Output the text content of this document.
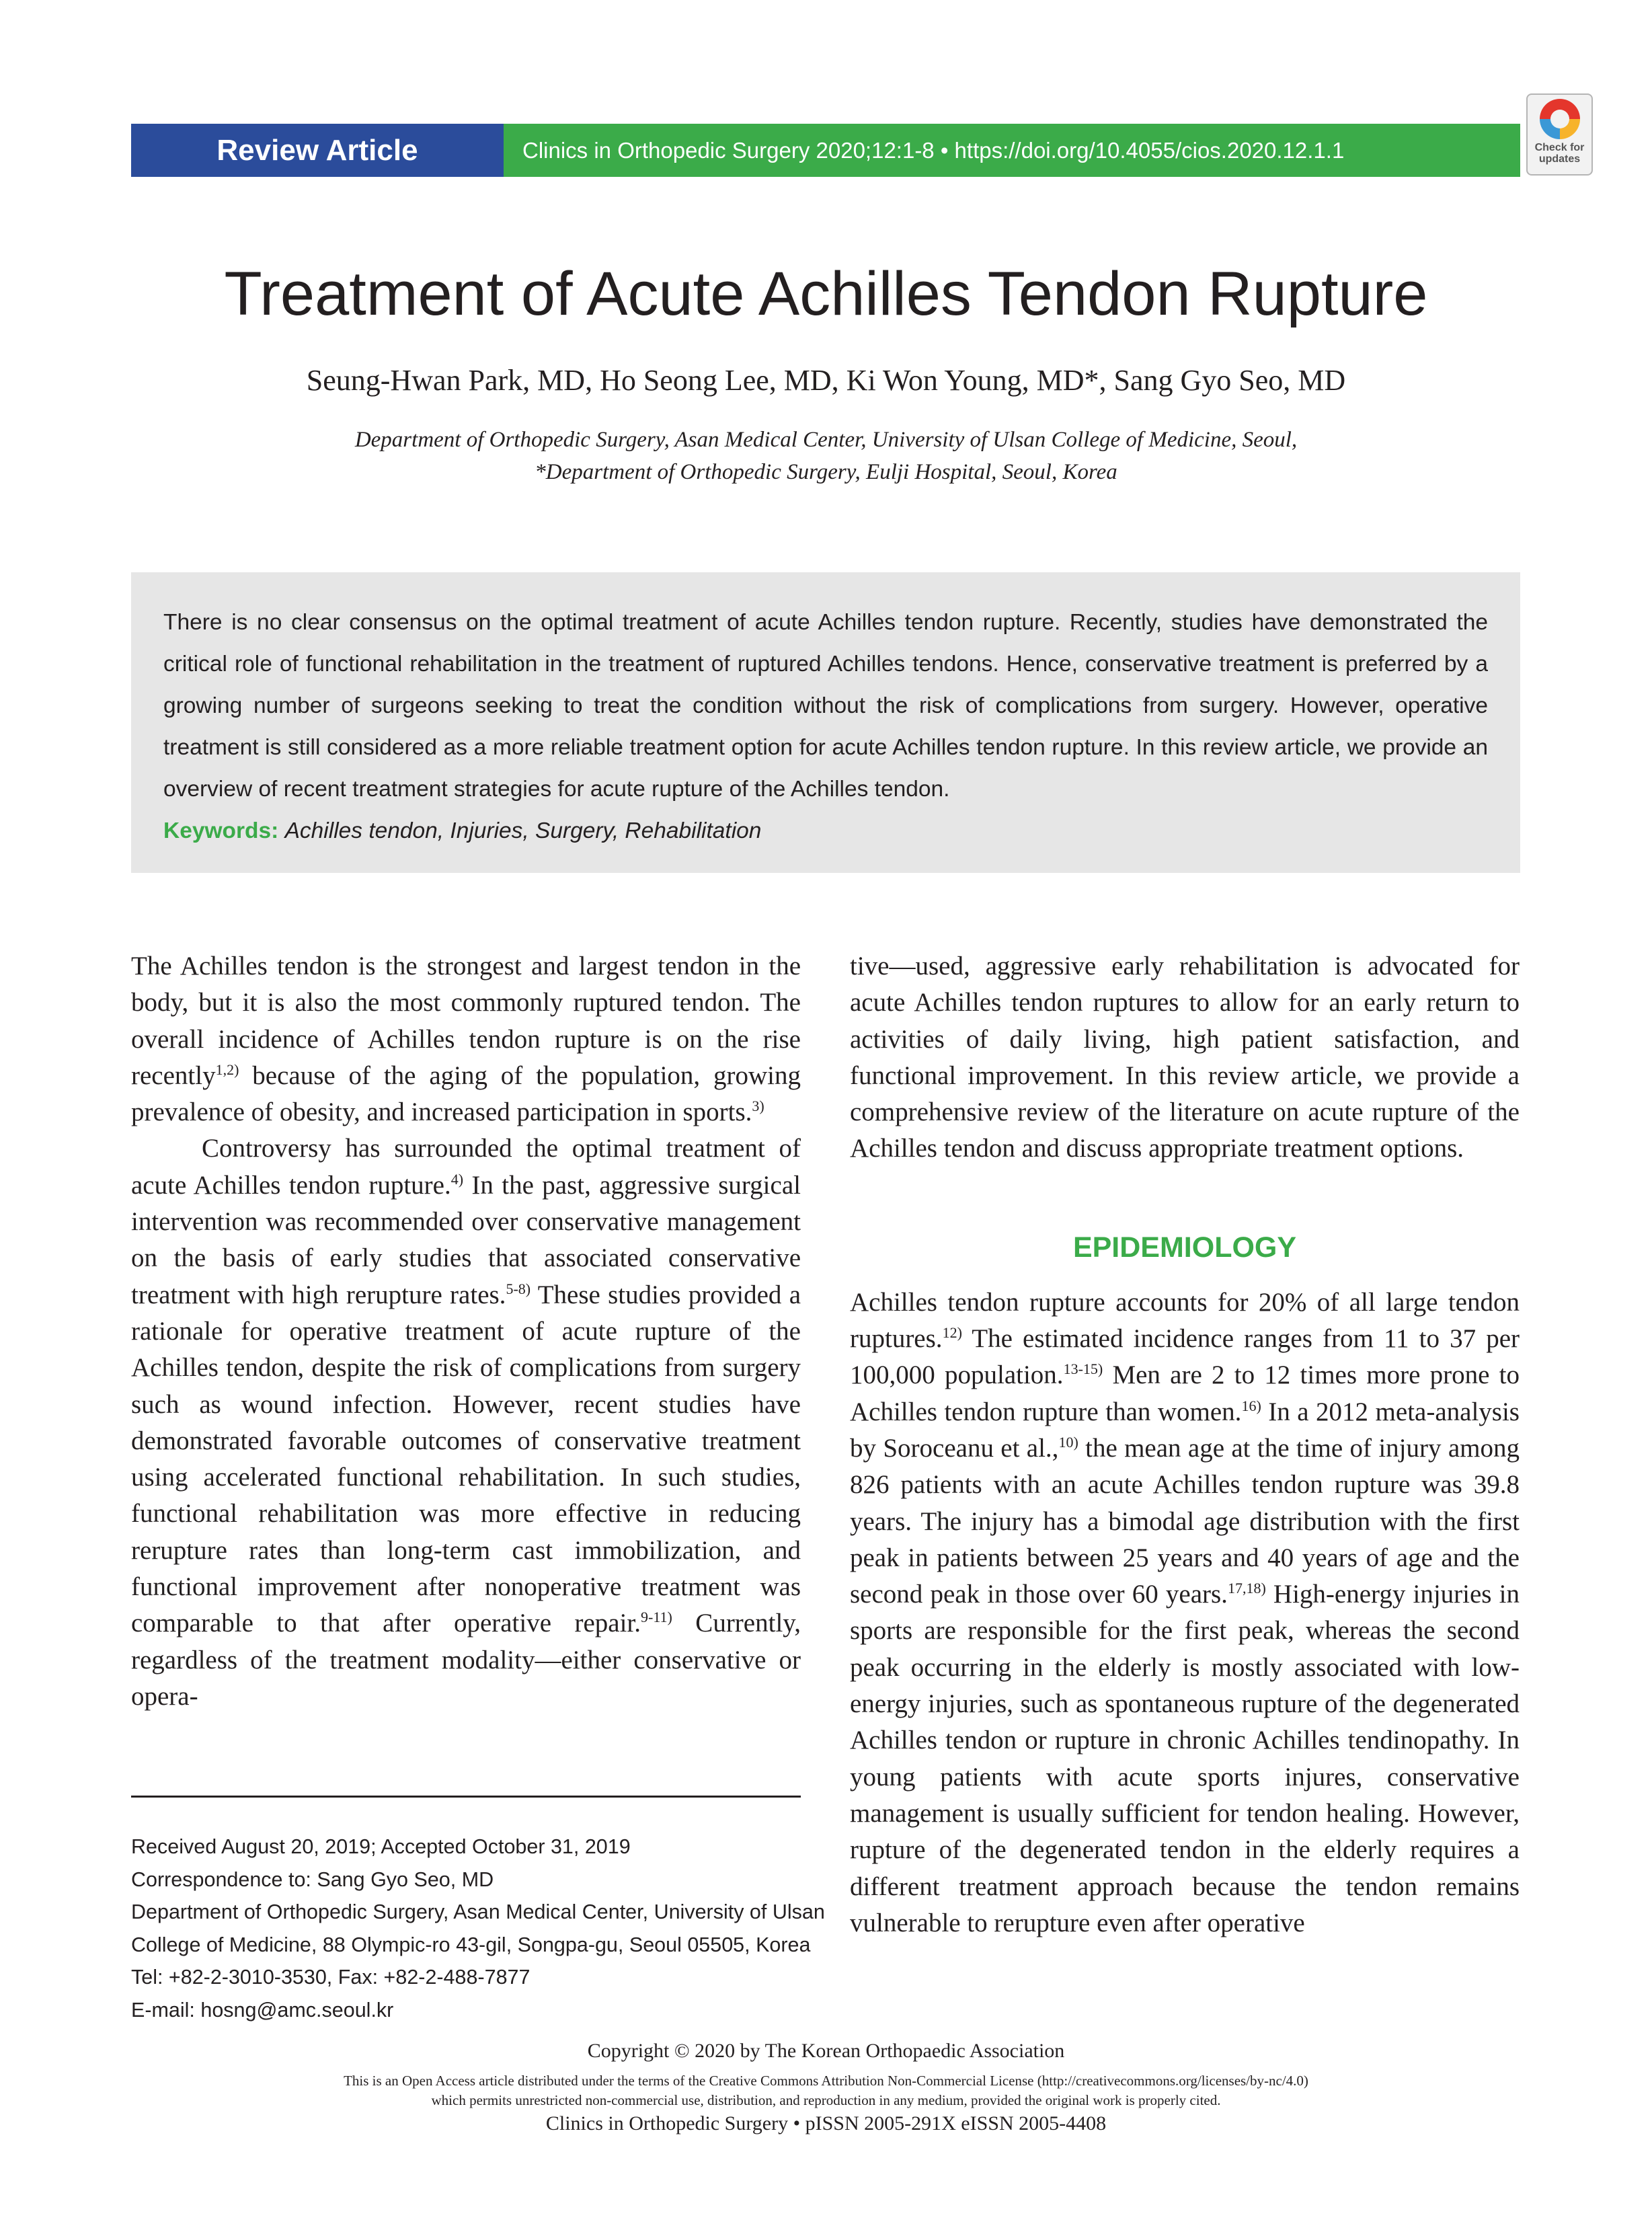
Review Article	Clinics in Orthopedic Surgery 2020;12:1-8 • https://doi.org/10.4055/cios.2020.12.1.1	Check for
updates
Treatment of Acute Achilles Tendon Rupture
Seung-Hwan Park, MD, Ho Seong Lee, MD, Ki Won Young, MD*, Sang Gyo Seo, MD
Department of Orthopedic Surgery, Asan Medical Center, University of Ulsan College of Medicine, Seoul,
*Department of Orthopedic Surgery, Eulji Hospital, Seoul, Korea
There is no clear consensus on the optimal treatment of acute Achilles tendon rupture. Recently, studies have demonstrated the critical role of functional rehabilitation in the treatment of ruptured Achilles tendons. Hence, conservative treatment is preferred by a growing number of surgeons seeking to treat the condition without the risk of complications from surgery. However, operative treatment is still considered as a more reliable treatment option for acute Achilles tendon rupture. In this review article, we provide an overview of recent treatment strategies for acute rupture of the Achilles tendon.
Keywords: Achilles tendon, Injuries, Surgery, Rehabilitation

The Achilles tendon is the strongest and largest tendon in the body, but it is also the most commonly ruptured tendon. The overall incidence of Achilles tendon rupture is on the rise recently$^{1,2)}$ because of the aging of the population, growing prevalence of obesity, and increased participation in sports.$^{3)}$

Controversy has surrounded the optimal treatment of acute Achilles tendon rupture.$^{4)}$ In the past, aggressive surgical intervention was recommended over conservative management on the basis of early studies that associated conservative treatment with high rerupture rates.$^{5-8)}$ These studies provided a rationale for operative treatment of acute rupture of the Achilles tendon, despite the risk of complications from surgery such as wound infection. However, recent studies have demonstrated favorable outcomes of conservative treatment using accelerated functional rehabilitation. In such studies, functional rehabilitation was more effective in reducing rerupture rates than long-term cast immobilization, and functional improvement after nonoperative treatment was comparable to that after operative repair.$^{9-11)}$ Currently, regardless of the treatment modality—either conservative or opera-

tive—used, aggressive early rehabilitation is advocated for acute Achilles tendon ruptures to allow for an early return to activities of daily living, high patient satisfaction, and functional improvement. In this review article, we provide a comprehensive review of the literature on acute rupture of the Achilles tendon and discuss appropriate treatment options.

EPIDEMIOLOGY

Achilles tendon rupture accounts for 20% of all large tendon ruptures.$^{12)}$ The estimated incidence ranges from 11 to 37 per 100,000 population.$^{13-15)}$ Men are 2 to 12 times more prone to Achilles tendon rupture than women.$^{16)}$ In a 2012 meta-analysis by Soroceanu et al.,$^{10)}$ the mean age at the time of injury among 826 patients with an acute Achilles tendon rupture was 39.8 years. The injury has a bimodal age distribution with the first peak in patients between 25 years and 40 years of age and the second peak in those over 60 years.$^{17,18)}$ High-energy injuries in sports are responsible for the first peak, whereas the second peak occurring in the elderly is mostly associated with low-energy injuries, such as spontaneous rupture of the degenerated Achilles tendon or rupture in chronic Achilles tendinopathy. In young patients with acute sports injures, conservative management is usually sufficient for tendon healing. However, rupture of the degenerated tendon in the elderly requires a different treatment approach because the tendon remains vulnerable to rerupture even after operative

Received August 20, 2019; Accepted October 31, 2019
Correspondence to: Sang Gyo Seo, MD
Department of Orthopedic Surgery, Asan Medical Center, University of Ulsan
College of Medicine, 88 Olympic-ro 43-gil, Songpa-gu, Seoul 05505, Korea
Tel: +82-2-3010-3530, Fax: +82-2-488-7877
E-mail: hosng@amc.seoul.kr
Copyright © 2020 by The Korean Orthopaedic Association
This is an Open Access article distributed under the terms of the Creative Commons Attribution Non-Commercial License (http://creativecommons.org/licenses/by-nc/4.0)
which permits unrestricted non-commercial use, distribution, and reproduction in any medium, provided the original work is properly cited.
Clinics in Orthopedic Surgery • pISSN 2005-291X eISSN 2005-4408
